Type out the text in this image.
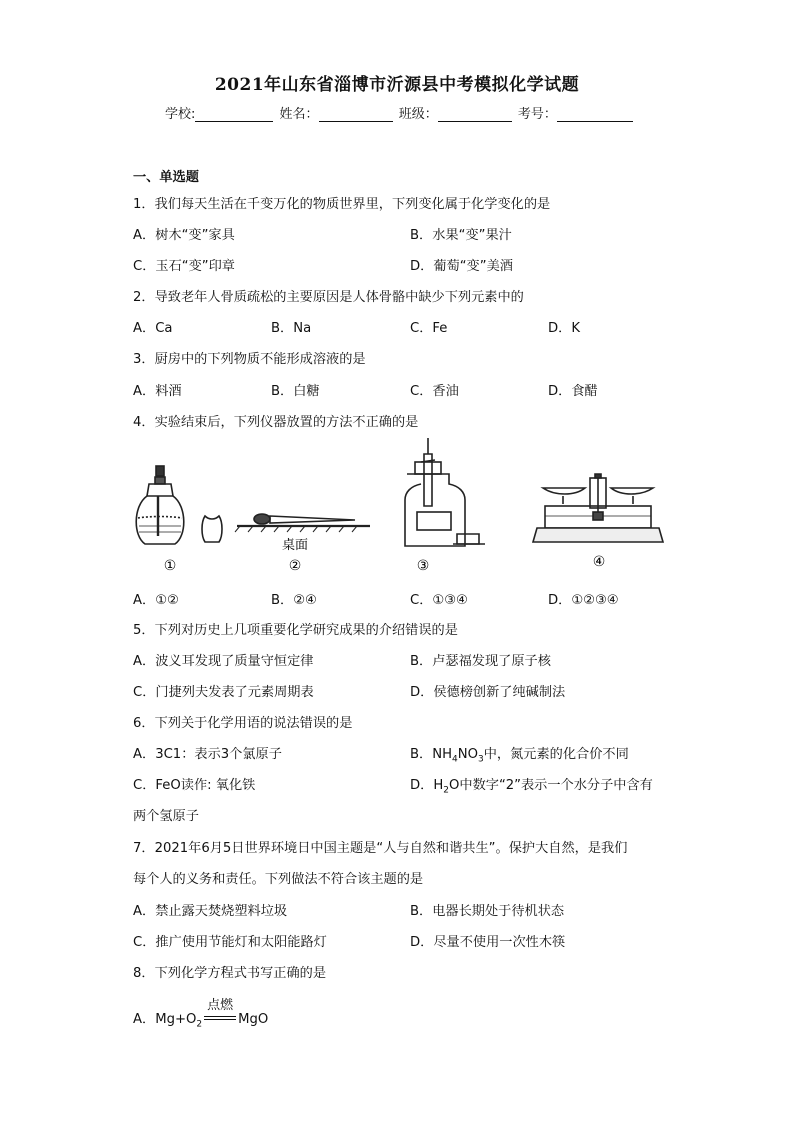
2021年山东省淄博市沂源县中考模拟化学试题
学校:	姓名：	班级：	考号：
一、单选题
1．我们每天生活在千变万化的物质世界里，下列变化属于化学变化的是
A．树木“变”家具	B．水果“变”果汁
C．玉石“变”印章	D．葡萄“变”美酒
2．导致老年人骨质疏松的主要原因是人体骨骼中缺少下列元素中的
A．Ca	B．Na	C．Fe	D．K
3．厨房中的下列物质不能形成溶液的是
A．料酒	B．白糖	C．香油	D．食醋
4．实验结束后，下列仪器放置的方法不正确的是
①
桌面
②	③	④
A．①②	B．②④	C．①③④	D．①②③④
5．下列对历史上几项重要化学研究成果的介绍错误的是
A．波义耳发现了质量守恒定律	B．卢瑟福发现了原子核
C．门捷列夫发表了元素周期表	D．侯德榜创新了纯碱制法
6．下列关于化学用语的说法错误的是
A．3C1：表示3个氯原子	B．$NH_4NO_3$中，氮元素的化合价不同
C．FeO读作: 氧化铁	D．$H_2O$中数字“2”表示一个水分子中含有
两个氢原子
7．2021年6月5日世界环境日中国主题是“人与自然和谐共生”。保护大自然，是我们
每个人的义务和责任。下列做法不符合该主题的是
A．禁止露天焚烧塑料垃圾	B．电器长期处于待机状态
C．推广使用节能灯和太阳能路灯	D．尽量不使用一次性木筷
8．下列化学方程式书写正确的是
A．$Mg+O_2$
点燃
MgO
